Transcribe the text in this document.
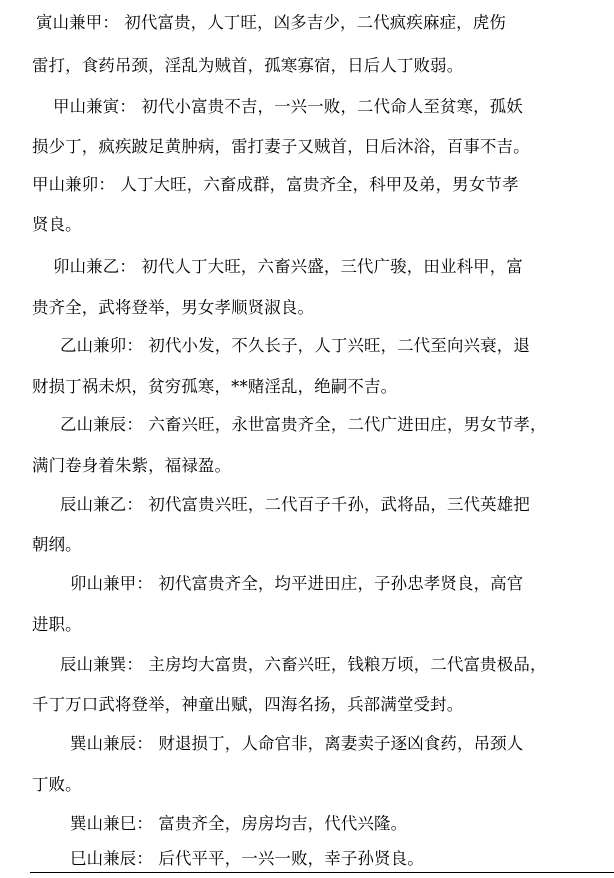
寅山兼甲： 初代富贵，人丁旺，凶多吉少，二代疯疾麻症，虎伤
雷打，食药吊颈，淫乱为贼首，孤寒寡宿，日后人丁败弱。
甲山兼寅： 初代小富贵不吉，一兴一败，二代命人至贫寒，孤妖
损少丁，疯疾跛足黄肿病，雷打妻子又贼首，日后沐浴，百事不吉。
甲山兼卯： 人丁大旺，六畜成群，富贵齐全，科甲及弟，男女节孝
贤良。
卯山兼乙： 初代人丁大旺，六畜兴盛，三代广骏，田业科甲，富
贵齐全，武将登举，男女孝顺贤淑良。
乙山兼卯： 初代小发，不久长子，人丁兴旺，二代至向兴衰，退
财损丁祸未炽，贫穷孤寒，**赌淫乱，绝嗣不吉。
乙山兼辰： 六畜兴旺，永世富贵齐全，二代广进田庄，男女节孝，
满门卷身着朱紫，福禄盈。
辰山兼乙： 初代富贵兴旺，二代百子千孙，武将品，三代英雄把
朝纲。
卯山兼甲： 初代富贵齐全，均平进田庄，子孙忠孝贤良，高官
进职。
辰山兼巽： 主房均大富贵，六畜兴旺，钱粮万顷，二代富贵极品，
千丁万口武将登举，神童出赋，四海名扬，兵部满堂受封。
巽山兼辰： 财退损丁，人命官非，离妻卖子逐凶食药，吊颈人
丁败。
巽山兼巳： 富贵齐全，房房均吉，代代兴隆。
巳山兼辰： 后代平平，一兴一败，幸子孙贤良。
